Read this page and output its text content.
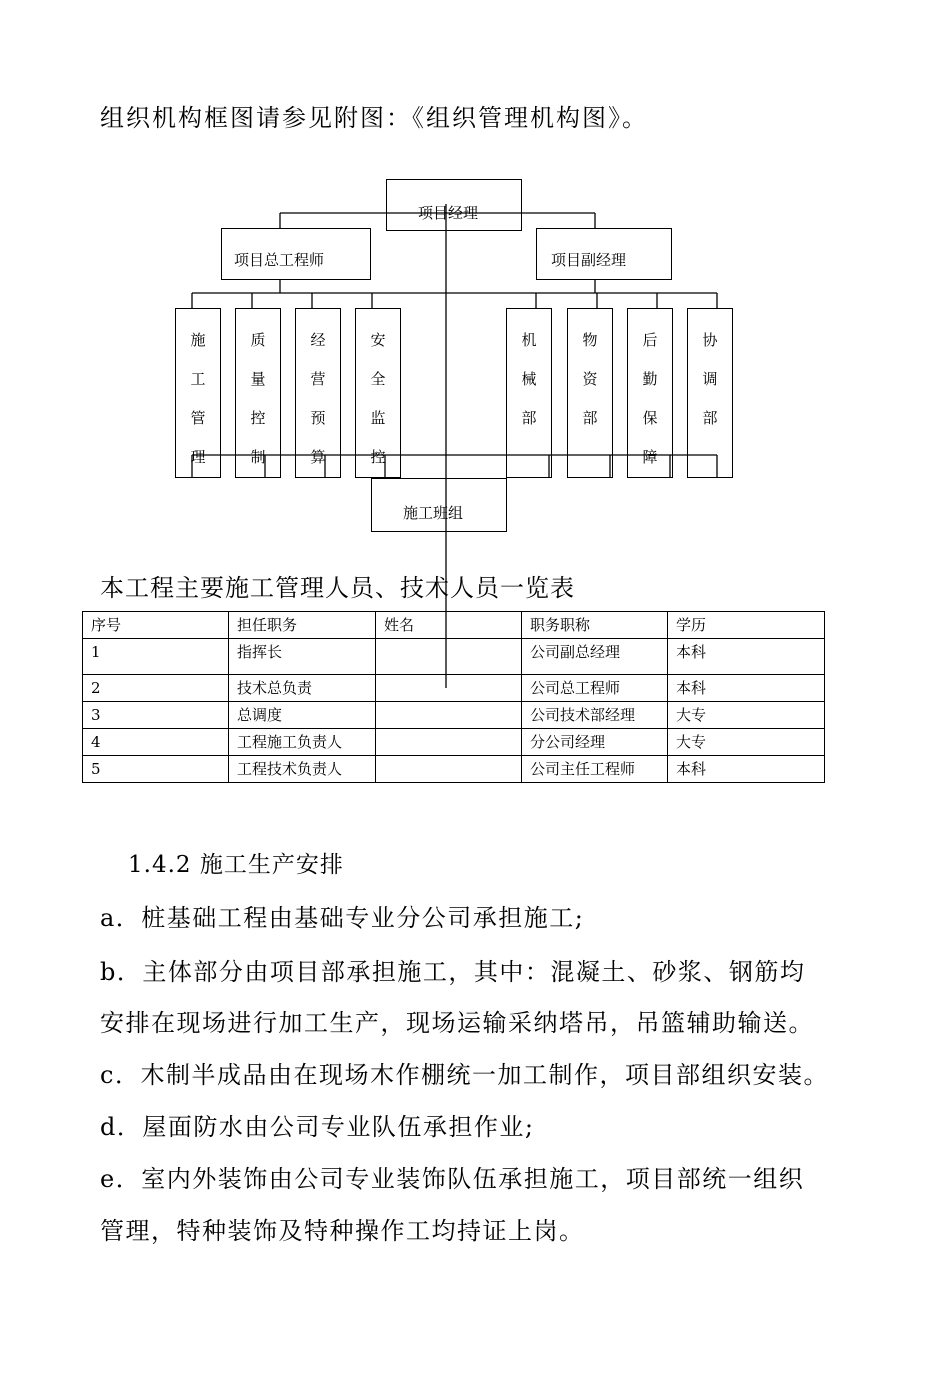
组织机构框图请参见附图：《组织管理机构图》。
项目经理
项目总工程师	项目副经理
施
工
管
理
质
量
控
制
经
营
预
算
安
全
监
控
机
械
部
物
资
部
后
勤
保
障
协
调
部
施工班组
本工程主要施工管理人员、技术人员一览表
序号	担任职务	姓名	职务职称	学历
1	指挥长		公司副总经理	本科
2	技术总负责		公司总工程师	本科
3	总调度		公司技术部经理	大专
4	工程施工负责人		分公司经理	大专
5	工程技术负责人		公司主任工程师	本科
1.4.2 施工生产安排
a．桩基础工程由基础专业分公司承担施工;
b．主体部分由项目部承担施工，其中：混凝土、砂浆、钢筋均
安排在现场进行加工生产，现场运输采纳塔吊，吊篮辅助输送。
c．木制半成品由在现场木作棚统一加工制作，项目部组织安装。
d．屋面防水由公司专业队伍承担作业;
e．室内外装饰由公司专业装饰队伍承担施工，项目部统一组织
管理，特种装饰及特种操作工均持证上岗。
